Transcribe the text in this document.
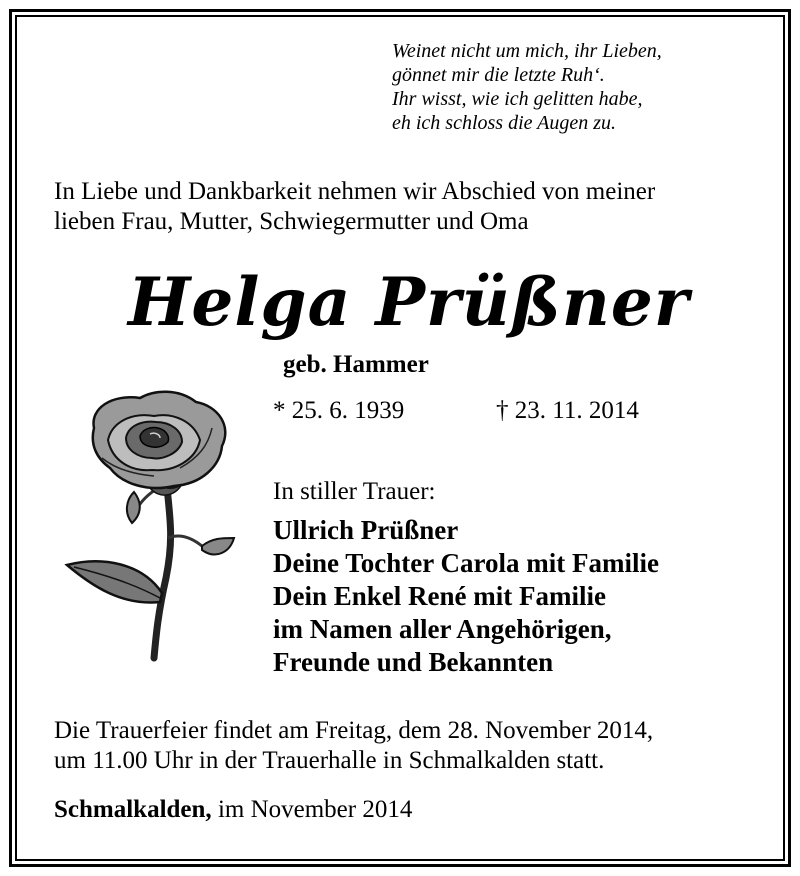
Weinet nicht um mich, ihr Lieben,
gönnet mir die letzte Ruh‘.
Ihr wisst, wie ich gelitten habe,
eh ich schloss die Augen zu.
In Liebe und Dankbarkeit nehmen wir Abschied von meiner
lieben Frau, Mutter, Schwiegermutter und Oma
Helga Prüßner
geb. Hammer
* 25. 6. 1939	† 23. 11. 2014
In stiller Trauer:
Ullrich Prüßner
Deine Tochter Carola mit Familie
Dein Enkel René mit Familie
im Namen aller Angehörigen,
Freunde und Bekannten
Die Trauerfeier findet am Freitag, dem 28. November 2014,
um 11.00 Uhr in der Trauerhalle in Schmalkalden statt.
Schmalkalden, im November 2014
